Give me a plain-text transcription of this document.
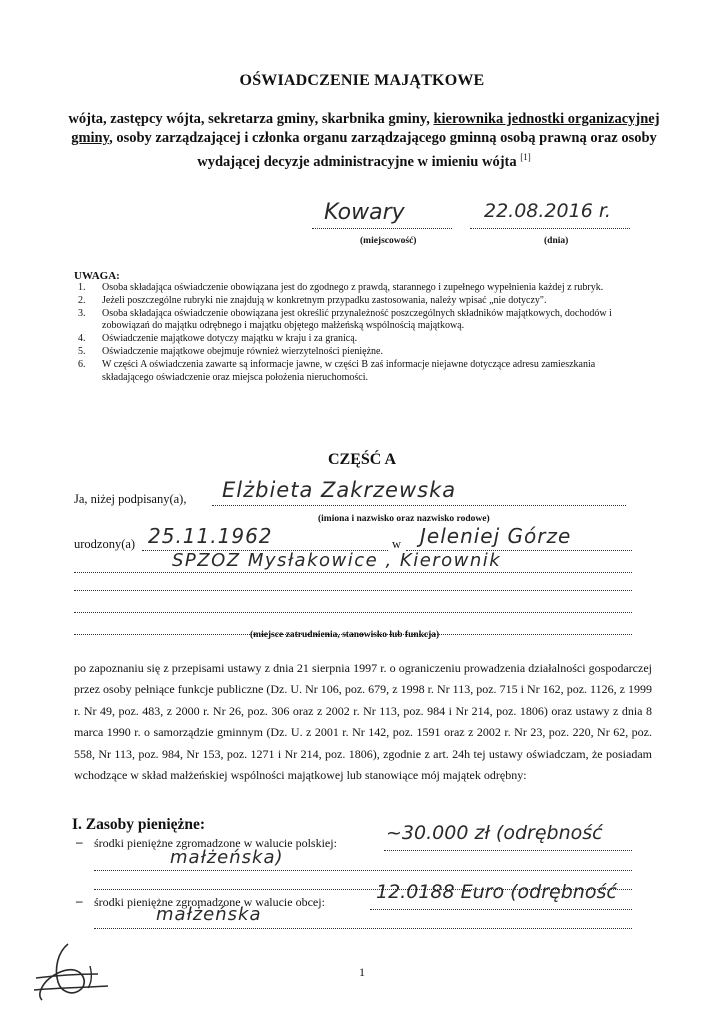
OŚWIADCZENIE MAJĄTKOWE
wójta, zastępcy wójta, sekretarza gminy, skarbnika gminy, kierownika jednostki organizacyjnej gminy, osoby zarządzającej i członka organu zarządzającego gminną osobą prawną oraz osoby wydającej decyzje administracyjne w imieniu wójta [1]
Kowary	22.08.2016 r.
(miejscowość)	(dnia)
UWAGA:
1.	Osoba składająca oświadczenie obowiązana jest do zgodnego z prawdą, starannego i zupełnego wypełnienia każdej z rubryk.
2.	Jeżeli poszczególne rubryki nie znajdują w konkretnym przypadku zastosowania, należy wpisać „nie dotyczy".
3.	Osoba składająca oświadczenie obowiązana jest określić przynależność poszczególnych składników majątkowych, dochodów i zobowiązań do majątku odrębnego i majątku objętego małżeńską wspólnością majątkową.
4.	Oświadczenie majątkowe dotyczy majątku w kraju i za granicą.
5.	Oświadczenie majątkowe obejmuje również wierzytelności pieniężne.
6.	W części A oświadczenia zawarte są informacje jawne, w części B zaś informacje niejawne dotyczące adresu zamieszkania składającego oświadczenie oraz miejsca położenia nieruchomości.
CZĘŚĆ A
Ja, niżej podpisany(a), Elżbieta Zakrzewska
(imiona i nazwisko oraz nazwisko rodowe)
urodzony(a) 25.11.1962	w Jeleniej Górze
SPZOZ Mysłakowice , Kierownik
(miejsce zatrudnienia, stanowisko lub funkcja)
po zapoznaniu się z przepisami ustawy z dnia 21 sierpnia 1997 r. o ograniczeniu prowadzenia działalności gospodarczej przez osoby pełniące funkcje publiczne (Dz. U. Nr 106, poz. 679, z 1998 r. Nr 113, poz. 715 i Nr 162, poz. 1126, z 1999 r. Nr 49, poz. 483, z 2000 r. Nr 26, poz. 306 oraz z 2002 r. Nr 113, poz. 984 i Nr 214, poz. 1806) oraz ustawy z dnia 8 marca 1990 r. o samorządzie gminnym (Dz. U. z 2001 r. Nr 142, poz. 1591 oraz z 2002 r. Nr 23, poz. 220, Nr 62, poz. 558, Nr 113, poz. 984, Nr 153, poz. 1271 i Nr 214, poz. 1806), zgodnie z art. 24h tej ustawy oświadczam, że posiadam wchodzące w skład małżeńskiej wspólności majątkowej lub stanowiące mój majątek odrębny:
I. Zasoby pieniężne:
– środki pieniężne zgromadzone w walucie polskiej:	~30.000 zł (odrębność
małżeńska)
– środki pieniężne zgromadzone w walucie obcej:	12.0188 Euro (odrębność
małżeńska
1
